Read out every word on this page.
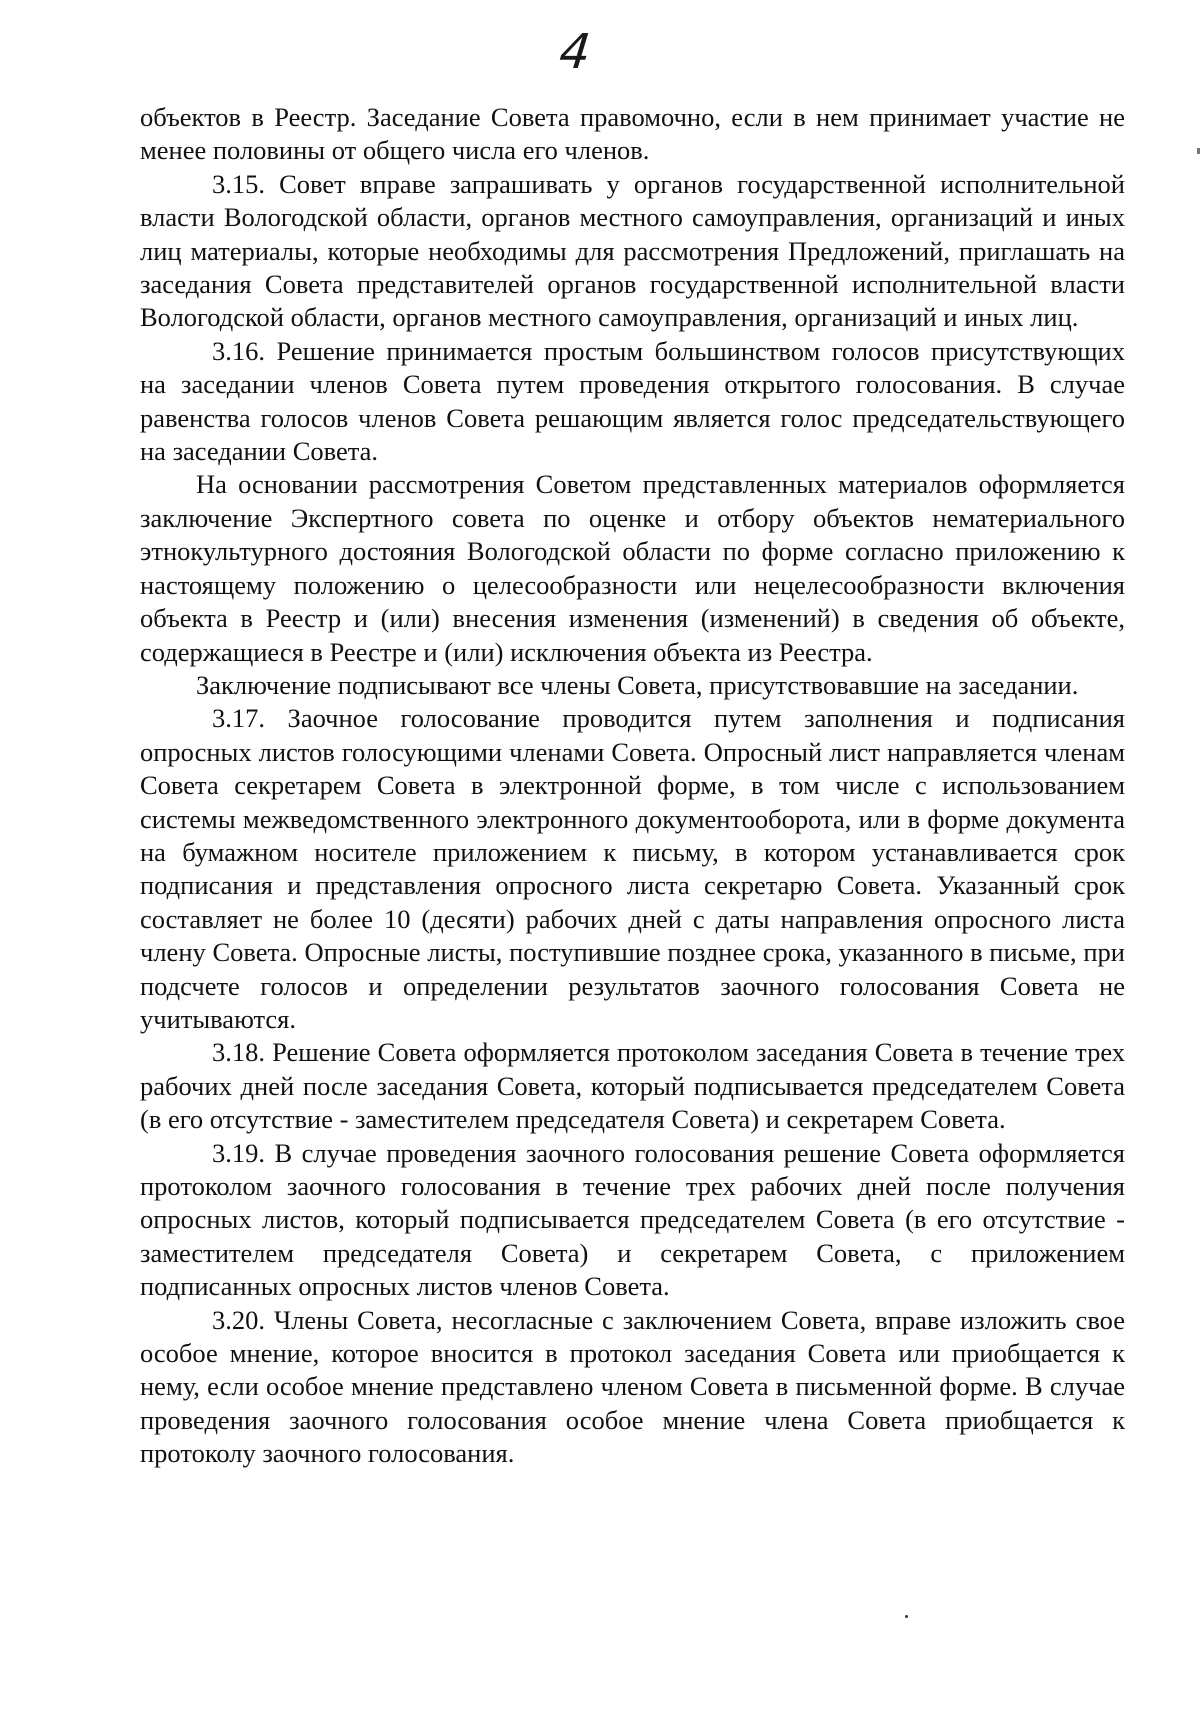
4

объектов в Реестр. Заседание Совета правомочно, если в нем принимает участие не менее половины от общего числа его членов.

3.15. Совет вправе запрашивать у органов государственной исполнительной власти Вологодской области, органов местного самоуправления, организаций и иных лиц материалы, которые необходимы для рассмотрения Предложений, приглашать на заседания Совета представителей органов государственной исполнительной власти Вологодской области, органов местного самоуправления, организаций и иных лиц.

3.16. Решение принимается простым большинством голосов присутствующих на заседании членов Совета путем проведения открытого голосования. В случае равенства голосов членов Совета решающим является голос председательствующего на заседании Совета.

На основании рассмотрения Советом представленных материалов оформляется заключение Экспертного совета по оценке и отбору объектов нематериального этнокультурного достояния Вологодской области по форме согласно приложению к настоящему положению о целесообразности или нецелесообразности включения объекта в Реестр и (или) внесения изменения (изменений) в сведения об объекте, содержащиеся в Реестре и (или) исключения объекта из Реестра.

Заключение подписывают все члены Совета, присутствовавшие на заседании.

3.17. Заочное голосование проводится путем заполнения и подписания опросных листов голосующими членами Совета. Опросный лист направляется членам Совета секретарем Совета в электронной форме, в том числе с использованием системы межведомственного электронного документооборота, или в форме документа на бумажном носителе приложением к письму, в котором устанавливается срок подписания и представления опросного листа секретарю Совета. Указанный срок составляет не более 10 (десяти) рабочих дней с даты направления опросного листа члену Совета. Опросные листы, поступившие позднее срока, указанного в письме, при подсчете голосов и определении результатов заочного голосования Совета не учитываются.

3.18. Решение Совета оформляется протоколом заседания Совета в течение трех рабочих дней после заседания Совета, который подписывается председателем Совета (в его отсутствие - заместителем председателя Совета) и секретарем Совета.

3.19. В случае проведения заочного голосования решение Совета оформляется протоколом заочного голосования в течение трех рабочих дней после получения опросных листов, который подписывается председателем Совета (в его отсутствие - заместителем председателя Совета) и секретарем Совета, с приложением подписанных опросных листов членов Совета.

3.20. Члены Совета, несогласные с заключением Совета, вправе изложить свое особое мнение, которое вносится в протокол заседания Совета или приобщается к нему, если особое мнение представлено членом Совета в письменной форме. В случае проведения заочного голосования особое мнение члена Совета приобщается к протоколу заочного голосования.
